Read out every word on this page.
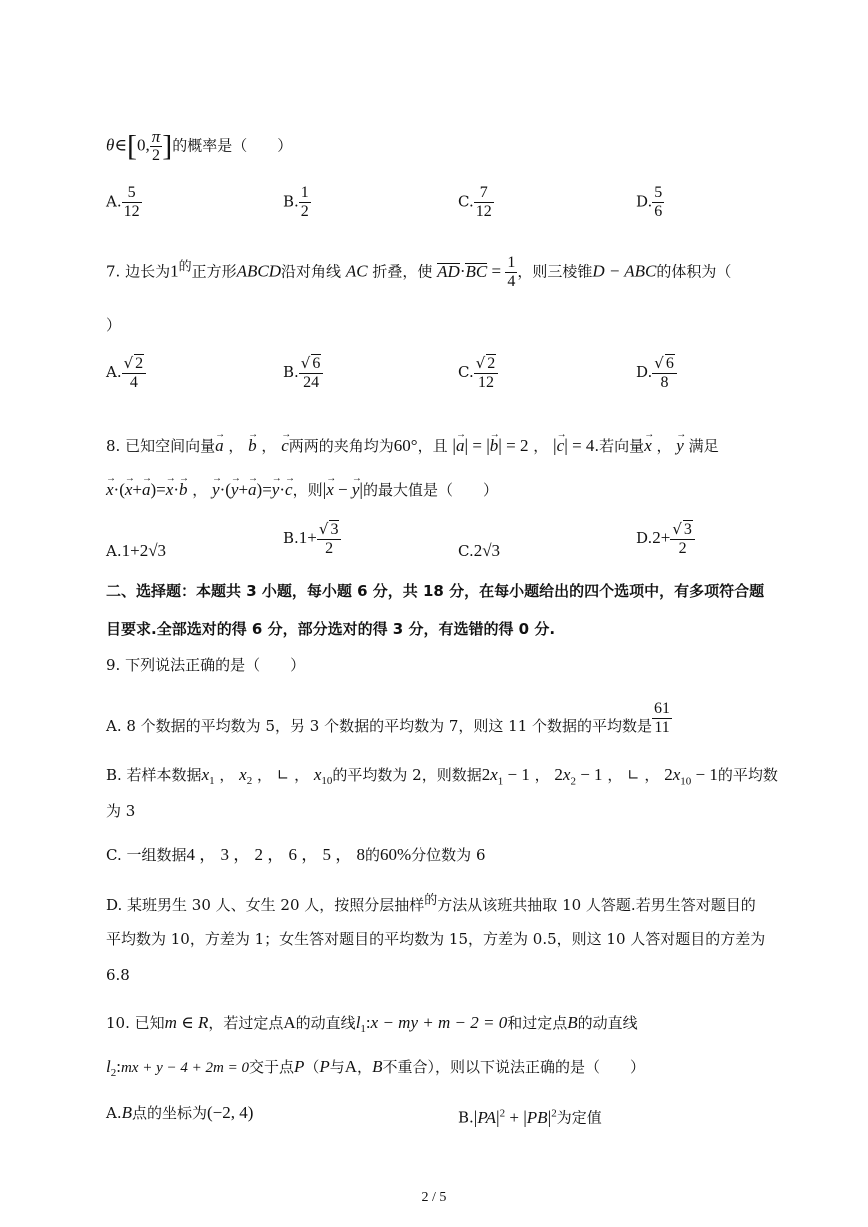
θ∈[0, $\frac{\pi}{2}$ ]的概率是（　　）
A. $\frac{5}{12}$	B. $\frac{1}{2}$	C. $\frac{7}{12}$	D. $\frac{5}{6}$
7. 边长为$1^的$正方形ABCD沿对角线 AC 折叠，使 $AD\cdot BC = \frac{1}{4}$ ，则三棱锥D − ABC的体积为（
）
A. $\frac{√ 2}{4}$	B. $\frac{√ 6}{24}$	C. $\frac{√ 2}{12}$	D. $\frac{√ 6}{8}$
8. 已知空间向量→ a ， → b ， → c两两的夹角均为60°，且 |→ a| = |→ b| = 2 ， |→ c| = 4.若向量→ x ， → y 满足
→ x·(→ x+→ a)=→ x·→ b ， → y·(→ y+→ a)=→ y·→ c，则|→ x − → y|的最大值是（　　）
A.1+2√3
$B.1+ \frac{√ 3}{2}$	C.2√3
$D.2+ \frac{√ 3}{2}$
二、选择题：本题共 3 小题，每小题 6 分，共 18 分，在每小题给出的四个选项中，有多项符合题
目要求.全部选对的得 6 分，部分选对的得 3 分，有选错的得 0 分.
9. 下列说法正确的是（　　）
A. 8 个数据的平均数为 5，另 3 个数据的平均数为 7，则这 11 个数据的平均数是 $\frac{61}{11}$
B. 若样本数据$x_1$ ， $x_2$ ， ∟ ， $x_{10}$的平均数为 2，则数据$2x_1 - 1$ ， $2x_2 - 1$ ， ∟ ， $2x_{10} - 1$的平均数
为 3
C. 一组数据4 ， 3 ， 2 ， 6 ， 5 ， 8的60%分位数为 6
D. 某班男生 30 人、女生 20 人，按照分层抽样$^的$方法从该班共抽取 10 人答题.若男生答对题目的
平均数为 10，方差为 1；女生答对题目的平均数为 15，方差为 0.5，则这 10 人答对题目的方差为
6.8
10. 已知m ∈ R，若过定点A的动直线$l_1:x$ − my + m − 2 = 0和过定点B的动直线
$l_2:mx + y - 4 + 2m = 0$交于点P（P与A，B不重合），则以下说法正确的是（　　）
A.B点的坐标为(−2, 4)	$B.|PA|^2 + |PB|^2$为定值
2 / 5
